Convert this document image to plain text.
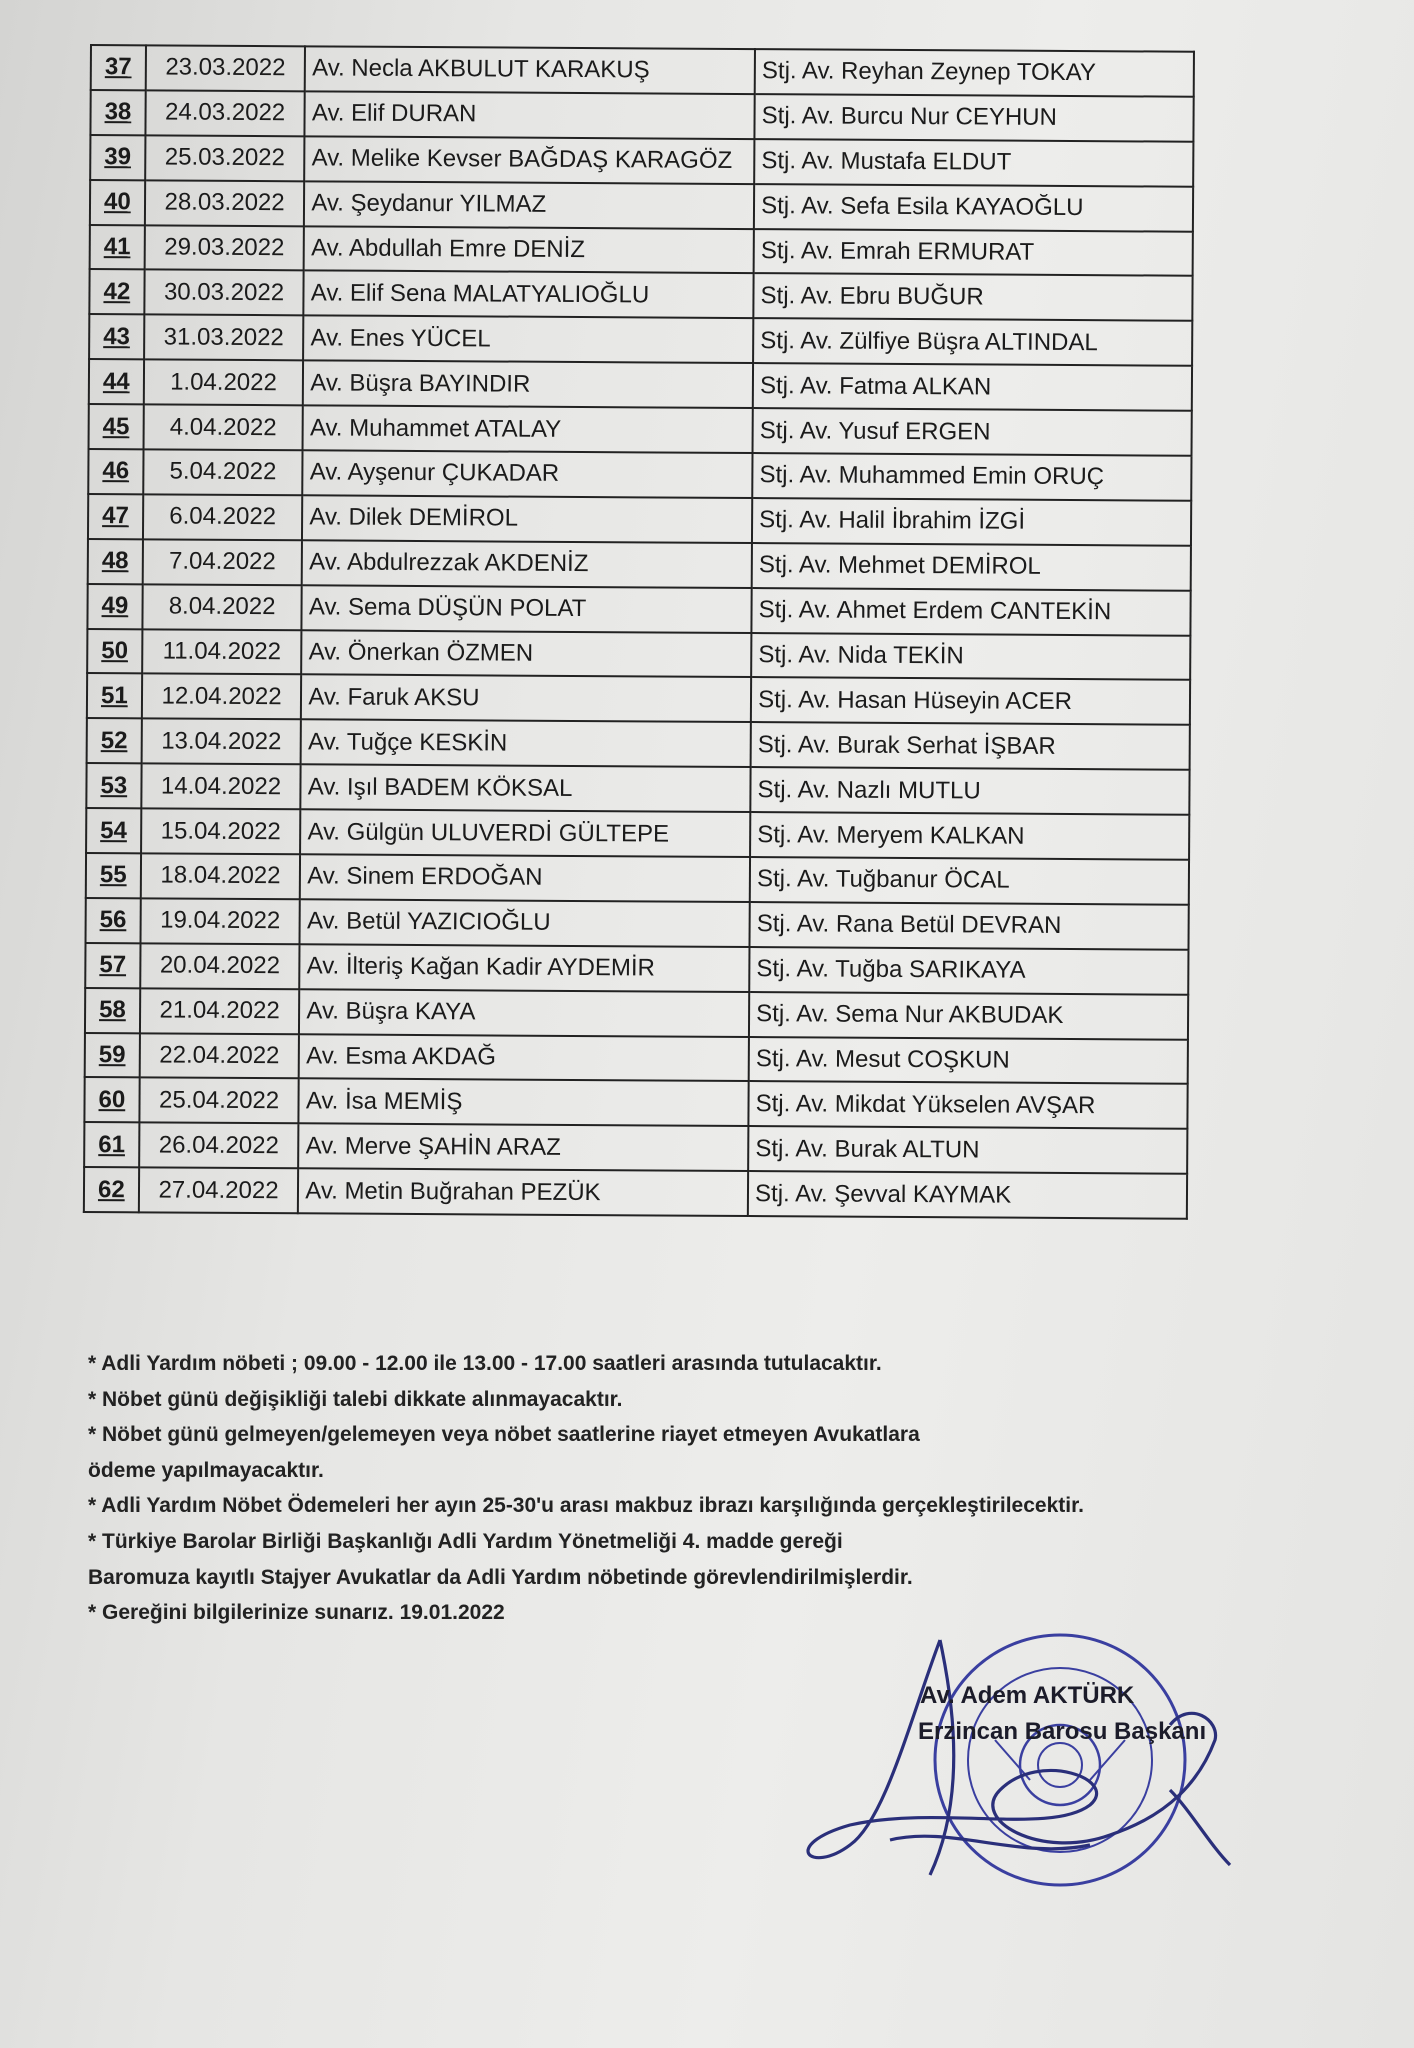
37	23.03.2022	Av. Necla AKBULUT KARAKUŞ	Stj. Av. Reyhan Zeynep TOKAY
38	24.03.2022	Av. Elif DURAN	Stj. Av. Burcu Nur CEYHUN
39	25.03.2022	Av. Melike Kevser BAĞDAŞ KARAGÖZ	Stj. Av. Mustafa ELDUT
40	28.03.2022	Av. Şeydanur YILMAZ	Stj. Av. Sefa Esila KAYAOĞLU
41	29.03.2022	Av. Abdullah Emre DENİZ	Stj. Av. Emrah ERMURAT
42	30.03.2022	Av. Elif Sena MALATYALIOĞLU	Stj. Av. Ebru BUĞUR
43	31.03.2022	Av. Enes YÜCEL	Stj. Av. Zülfiye Büşra ALTINDAL
44	1.04.2022	Av. Büşra BAYINDIR	Stj. Av. Fatma ALKAN
45	4.04.2022	Av. Muhammet ATALAY	Stj. Av. Yusuf ERGEN
46	5.04.2022	Av. Ayşenur ÇUKADAR	Stj. Av. Muhammed Emin ORUÇ
47	6.04.2022	Av. Dilek DEMİROL	Stj. Av. Halil İbrahim İZGİ
48	7.04.2022	Av. Abdulrezzak AKDENİZ	Stj. Av. Mehmet DEMİROL
49	8.04.2022	Av. Sema DÜŞÜN POLAT	Stj. Av. Ahmet Erdem CANTEKİN
50	11.04.2022	Av. Önerkan ÖZMEN	Stj. Av. Nida TEKİN
51	12.04.2022	Av. Faruk AKSU	Stj. Av. Hasan Hüseyin ACER
52	13.04.2022	Av. Tuğçe KESKİN	Stj. Av. Burak Serhat İŞBAR
53	14.04.2022	Av. Işıl BADEM KÖKSAL	Stj. Av. Nazlı MUTLU
54	15.04.2022	Av. Gülgün ULUVERDİ GÜLTEPE	Stj. Av. Meryem KALKAN
55	18.04.2022	Av. Sinem ERDOĞAN	Stj. Av. Tuğbanur ÖCAL
56	19.04.2022	Av. Betül YAZICIOĞLU	Stj. Av. Rana Betül DEVRAN
57	20.04.2022	Av. İlteriş Kağan Kadir AYDEMİR	Stj. Av. Tuğba SARIKAYA
58	21.04.2022	Av. Büşra KAYA	Stj. Av. Sema Nur AKBUDAK
59	22.04.2022	Av. Esma AKDAĞ	Stj. Av. Mesut COŞKUN
60	25.04.2022	Av. İsa MEMİŞ	Stj. Av. Mikdat Yükselen AVŞAR
61	26.04.2022	Av. Merve ŞAHİN ARAZ	Stj. Av. Burak ALTUN
62	27.04.2022	Av. Metin Buğrahan PEZÜK	Stj. Av. Şevval KAYMAK
* Adli Yardım nöbeti ; 09.00 - 12.00 ile 13.00 - 17.00 saatleri arasında tutulacaktır.
* Nöbet günü değişikliği talebi dikkate alınmayacaktır.
* Nöbet günü gelmeyen/gelemeyen veya nöbet saatlerine riayet etmeyen Avukatlara
ödeme yapılmayacaktır.
* Adli Yardım Nöbet Ödemeleri her ayın 25-30'u arası makbuz ibrazı karşılığında gerçekleştirilecektir.
* Türkiye Barolar Birliği Başkanlığı Adli Yardım Yönetmeliği 4. madde gereği
Baromuza kayıtlı Stajyer Avukatlar da Adli Yardım nöbetinde görevlendirilmişlerdir.
* Gereğini bilgilerinize sunarız. 19.01.2022
Av. Adem AKTÜRK
Erzincan Barosu Başkanı
